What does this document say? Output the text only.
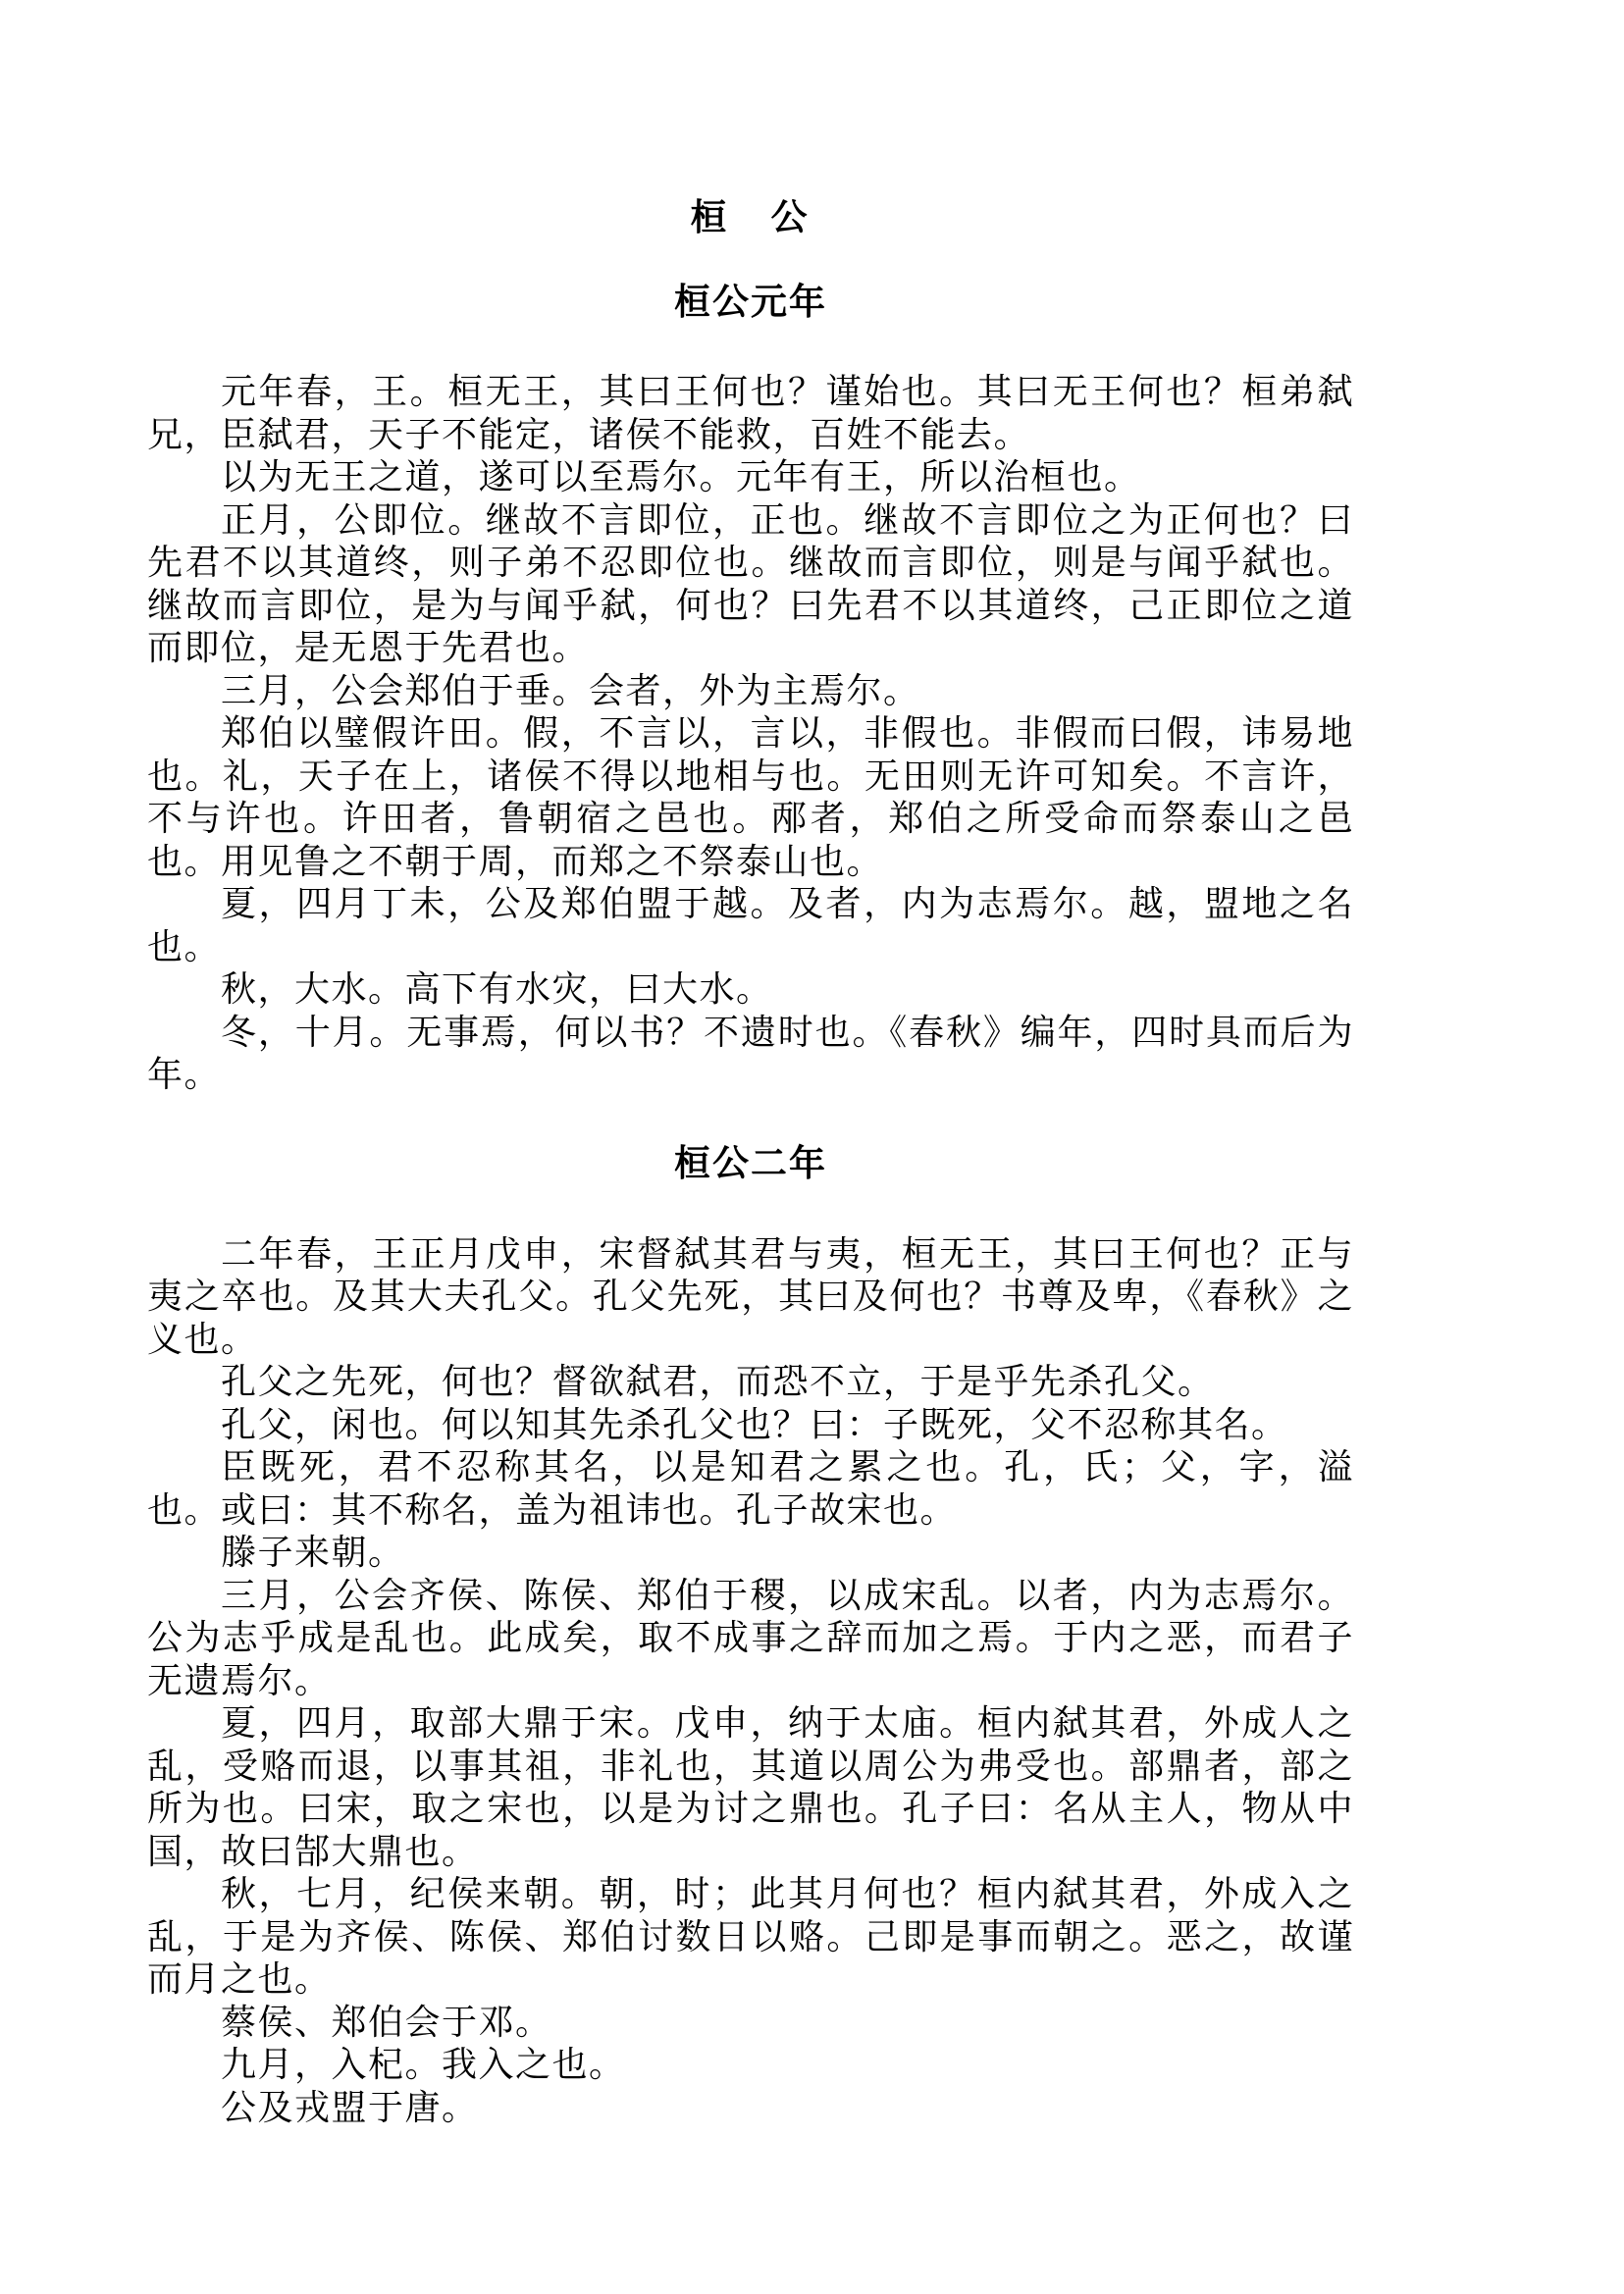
桓　公
桓公元年

元年春，王。桓无王，其曰王何也？谨始也。其曰无王何也？桓弟弑兄，臣弑君，天子不能定，诸侯不能救，百姓不能去。

以为无王之道，遂可以至焉尔。元年有王，所以治桓也。

正月，公即位。继故不言即位，正也。继故不言即位之为正何也？曰先君不以其道终，则子弟不忍即位也。继故而言即位，则是与闻乎弑也。继故而言即位，是为与闻乎弑，何也？曰先君不以其道终，己正即位之道而即位，是无恩于先君也。

三月，公会郑伯于垂。会者，外为主焉尔。

郑伯以璧假许田。假，不言以，言以，非假也。非假而曰假，讳易地也。礼，天子在上，诸侯不得以地相与也。无田则无许可知矣。不言许，不与许也。许田者，鲁朝宿之邑也。邴者，郑伯之所受命而祭泰山之邑也。用见鲁之不朝于周，而郑之不祭泰山也。

夏，四月丁未，公及郑伯盟于越。及者，内为志焉尔。越，盟地之名也。

秋，大水。高下有水灾，曰大水。

冬，十月。无事焉，何以书？不遗时也。《春秋》编年，四时具而后为年。

桓公二年

二年春，王正月戊申，宋督弑其君与夷，桓无王，其曰王何也？正与夷之卒也。及其大夫孔父。孔父先死，其曰及何也？书尊及卑，《春秋》之义也。

孔父之先死，何也？督欲弑君，而恐不立，于是乎先杀孔父。

孔父，闲也。何以知其先杀孔父也？曰：子既死，父不忍称其名。

臣既死，君不忍称其名，以是知君之累之也。孔，氏；父，字，溢也。或曰：其不称名，盖为祖讳也。孔子故宋也。

滕子来朝。

三月，公会齐侯、陈侯、郑伯于稷，以成宋乱。以者，内为志焉尔。公为志乎成是乱也。此成矣，取不成事之辞而加之焉。于内之恶，而君子无遗焉尔。

夏，四月，取部大鼎于宋。戊申，纳于太庙。桓内弑其君，外成人之乱，受赂而退，以事其祖，非礼也，其道以周公为弗受也。部鼎者，部之所为也。曰宋，取之宋也，以是为讨之鼎也。孔子曰：名从主人，物从中国，故曰郜大鼎也。

秋，七月，纪侯来朝。朝，时；此其月何也？桓内弑其君，外成入之乱，于是为齐侯、陈侯、郑伯讨数日以赂。己即是事而朝之。恶之，故谨而月之也。

蔡侯、郑伯会于邓。

九月，入杞。我入之也。

公及戎盟于唐。
